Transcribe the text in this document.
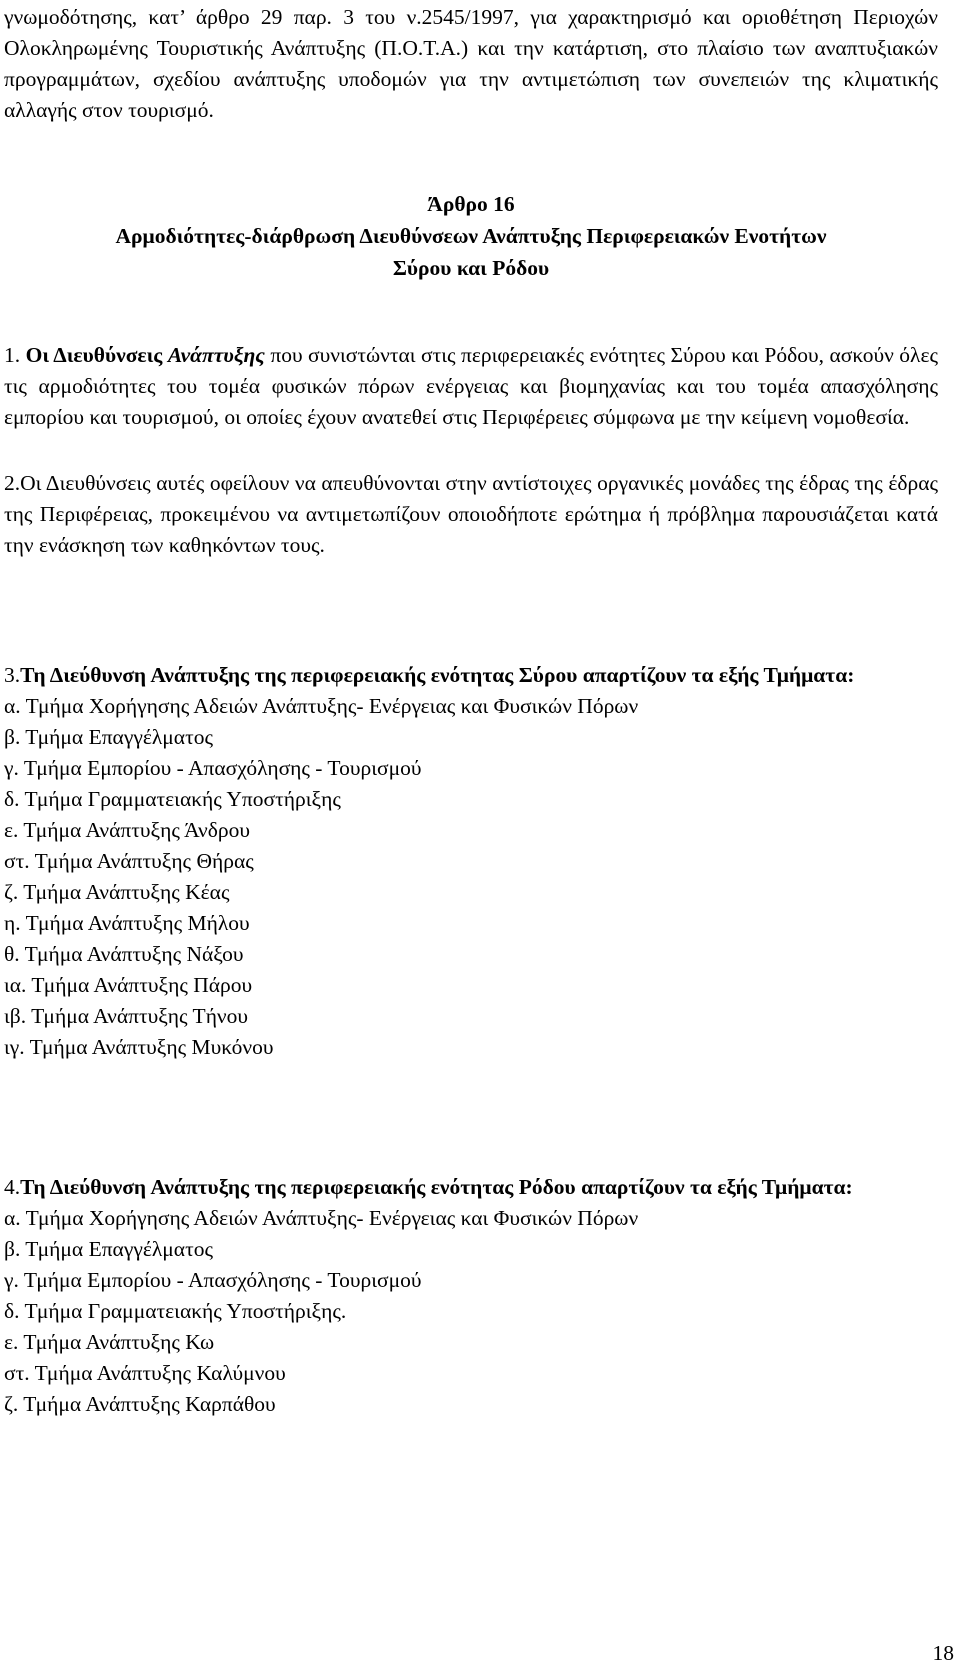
γνωμοδότησης, κατ’ άρθρο 29 παρ. 3 του ν.2545/1997, για χαρακτηρισμό και οριοθέτηση Περιοχών Ολοκληρωμένης Τουριστικής Ανάπτυξης (Π.Ο.Τ.Α.) και την κατάρτιση, στο πλαίσιο των αναπτυξιακών προγραμμάτων, σχεδίου ανάπτυξης υποδομών για την αντιμετώπιση των συνεπειών της κλιματικής αλλαγής στον τουρισμό.

Άρθρο 16
Αρμοδιότητες-διάρθρωση Διευθύνσεων Ανάπτυξης Περιφερειακών Ενοτήτων
Σύρου και Ρόδου

1. Οι Διευθύνσεις Ανάπτυξης που συνιστώνται στις περιφερειακές ενότητες Σύρου και Ρόδου, ασκούν όλες τις αρμοδιότητες του τομέα φυσικών πόρων ενέργειας και βιομηχανίας και του τομέα απασχόλησης εμπορίου και τουρισμού, οι οποίες έχουν ανατεθεί στις Περιφέρειες σύμφωνα με την κείμενη νομοθεσία.

2.Οι Διευθύνσεις αυτές οφείλουν να απευθύνονται στην αντίστοιχες οργανικές μονάδες της έδρας της έδρας της Περιφέρειας, προκειμένου να αντιμετωπίζουν οποιοδήποτε ερώτημα ή πρόβλημα παρουσιάζεται κατά την ενάσκηση των καθηκόντων τους.

3.Τη Διεύθυνση Ανάπτυξης της περιφερειακής ενότητας Σύρου απαρτίζουν τα εξής Τμήματα:

α. Τμήμα Χορήγησης Αδειών Ανάπτυξης- Ενέργειας και Φυσικών Πόρων
β. Τμήμα Επαγγέλματος
γ. Τμήμα Εμπορίου - Απασχόλησης - Τουρισμού
δ. Τμήμα Γραμματειακής Υποστήριξης
ε. Τμήμα Ανάπτυξης Άνδρου
στ. Τμήμα Ανάπτυξης Θήρας
ζ. Τμήμα Ανάπτυξης Κέας
η. Τμήμα Ανάπτυξης Μήλου
θ. Τμήμα Ανάπτυξης Νάξου
ια. Τμήμα Ανάπτυξης Πάρου
ιβ. Τμήμα Ανάπτυξης Τήνου
ιγ. Τμήμα Ανάπτυξης Μυκόνου

4.Τη Διεύθυνση Ανάπτυξης της περιφερειακής ενότητας Ρόδου απαρτίζουν τα εξής Τμήματα:

α. Τμήμα Χορήγησης Αδειών Ανάπτυξης- Ενέργειας και Φυσικών Πόρων
β. Τμήμα Επαγγέλματος
γ. Τμήμα Εμπορίου - Απασχόλησης - Τουρισμού
δ. Τμήμα Γραμματειακής Υποστήριξης.
ε. Τμήμα Ανάπτυξης Κω
στ. Τμήμα Ανάπτυξης Καλύμνου
ζ. Τμήμα Ανάπτυξης Καρπάθου
18
